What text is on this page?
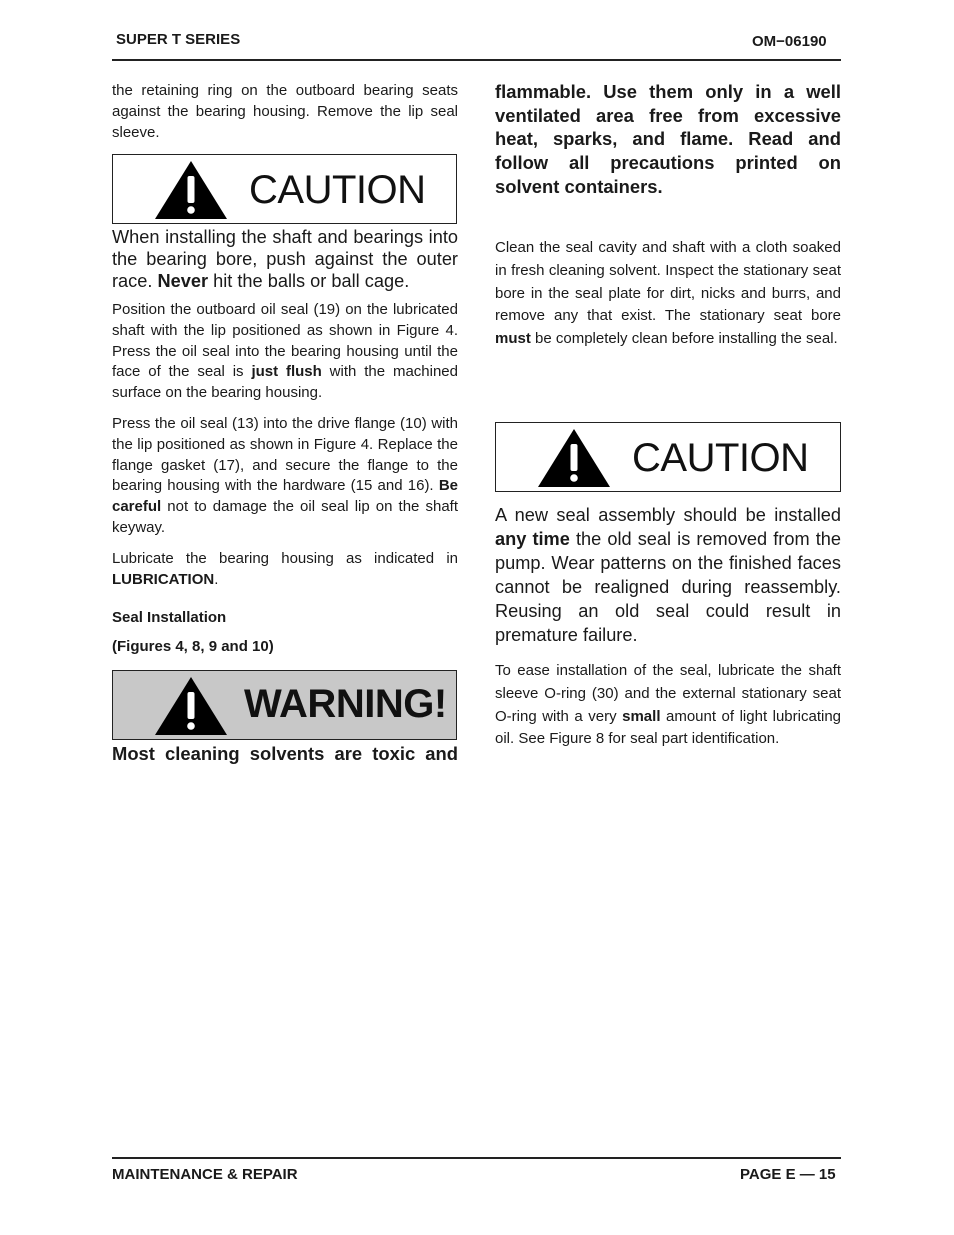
SUPER T SERIES	OM−06190
the retaining ring on the outboard bearing seats against the bearing housing. Remove the lip seal sleeve.
CAUTION
When installing the shaft and bearings into the bearing bore, push against the outer race. Never hit the balls or ball cage.
Position the outboard oil seal (19) on the lubricated shaft with the lip positioned as shown in Figure 4. Press the oil seal into the bearing housing until the face of the seal is just flush with the machined surface on the bearing housing.
Press the oil seal (13) into the drive flange (10) with the lip positioned as shown in Figure 4. Replace the flange gasket (17), and secure the flange to the bearing housing with the hardware (15 and 16). Be careful not to damage the oil seal lip on the shaft keyway.
Lubricate the bearing housing as indicated in LUBRICATION.
Seal Installation
(Figures 4, 8, 9 and 10)
WARNING!
Most cleaning solvents are toxic and
flammable. Use them only in a well ventilated area free from excessive heat, sparks, and flame. Read and follow all precautions printed on solvent containers.
Clean the seal cavity and shaft with a cloth soaked in fresh cleaning solvent. Inspect the stationary seat bore in the seal plate for dirt, nicks and burrs, and remove any that exist. The stationary seat bore must be completely clean before installing the seal.
CAUTION
A new seal assembly should be installed any time the old seal is removed from the pump. Wear patterns on the finished faces cannot be realigned during reassembly. Reusing an old seal could result in premature failure.
To ease installation of the seal, lubricate the shaft sleeve O-ring (30) and the external stationary seat O-ring with a very small amount of light lubricating oil. See Figure 8 for seal part identification.
MAINTENANCE & REPAIR	PAGE E — 15
